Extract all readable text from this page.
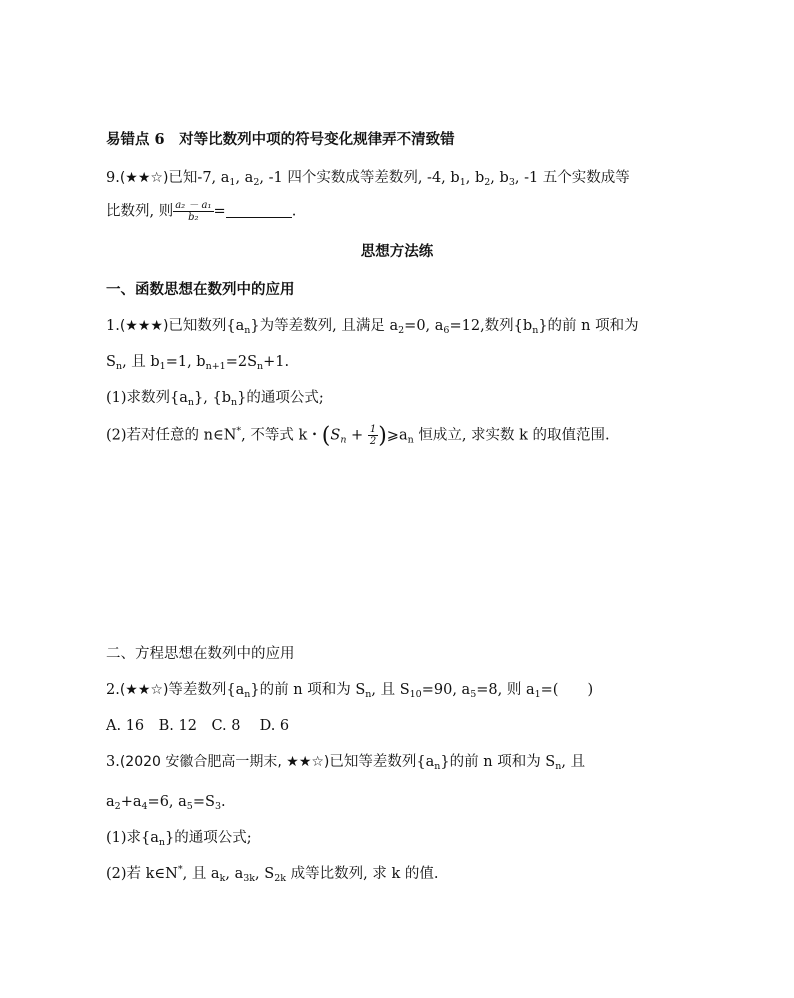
易错点 6　对等比数列中项的符号变化规律弄不清致错
9.(★★☆)已知-7, $a_1$, $a_2$, -1 四个实数成等差数列, -4, $b_1$, $b_2$, $b_3$, -1 五个实数成等
比数列, 则 $\frac{\text{a₂ － a₁}}{\text{b₂}}$ =	.
思想方法练
一、函数思想在数列中的应用
1.(★★★)已知数列$\{a_n\}$为等差数列, 且满足 $a_2=0$, $a_6=12$,数列$\{b_n\}$的前 n 项和为
$S_n$, 且 $b_1=1$, $b_{n+1}=2S_n+1$.
(1)求数列$\{a_n\}$, $\{b_n\}$的通项公式;
(2)若对任意的 n∈N*, 不等式 k・($S_n + \frac{1}{2}$ )$⩾a_n$ 恒成立, 求实数 k 的取值范围.
二、方程思想在数列中的应用
2.(★★☆)等差数列$\{a_n\}$的前 n 项和为 $S_n$, 且 $S_{10}=90$, $a_5=8$, 则 $a_1=$(　　)
A. 16　B. 12　C. 8　 D. 6
3.(2020 安徽合肥高一期末, ★★☆)已知等差数列$\{a_n\}$的前 n 项和为 $S_n$, 且
$a_2+a_4=6$, $a_5=S_3$.
(1)求$\{a_n\}$的通项公式;
(2)若 k∈N*, 且 $a_k$, $a_{3k}$, $S_{2k}$ 成等比数列, 求 k 的值.
